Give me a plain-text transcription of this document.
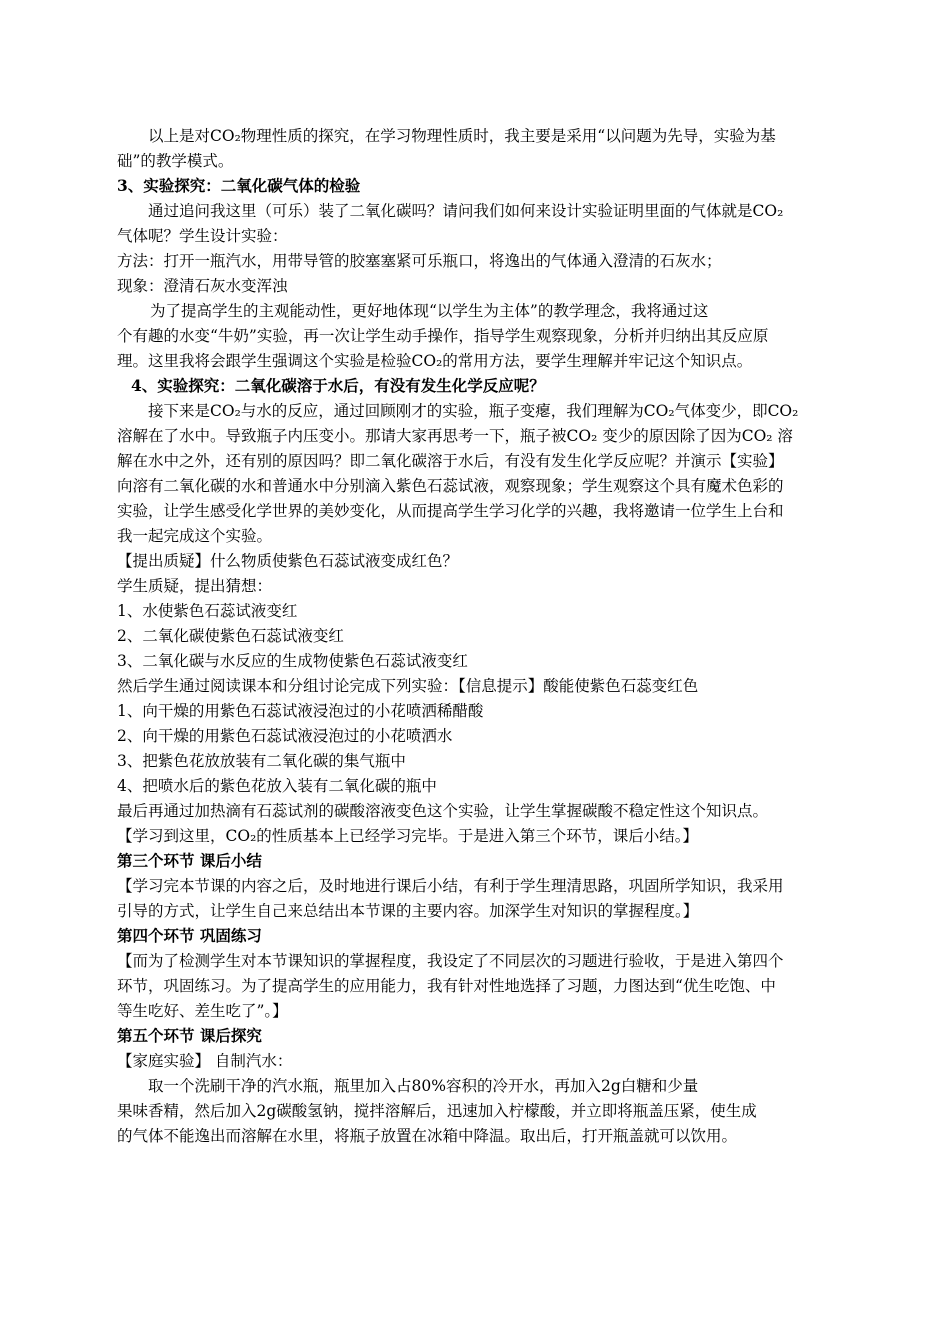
以上是对CO₂物理性质的探究，在学习物理性质时，我主要是采用“以问题为先导，实验为基
础”的教学模式。
3、实验探究：二氧化碳气体的检验
通过追问我这里（可乐）装了二氧化碳吗？请问我们如何来设计实验证明里面的气体就是CO₂
气体呢？学生设计实验：
方法：打开一瓶汽水，用带导管的胶塞塞紧可乐瓶口，将逸出的气体通入澄清的石灰水；
现象：澄清石灰水变浑浊
为了提高学生的主观能动性，更好地体现“以学生为主体”的教学理念，我将通过这
个有趣的水变“牛奶”实验，再一次让学生动手操作，指导学生观察现象，分析并归纳出其反应原
理。这里我将会跟学生强调这个实验是检验CO₂的常用方法，要学生理解并牢记这个知识点。
4、实验探究：二氧化碳溶于水后，有没有发生化学反应呢？
接下来是CO₂与水的反应，通过回顾刚才的实验，瓶子变瘪，我们理解为CO₂气体变少，即CO₂
溶解在了水中。导致瓶子内压变小。那请大家再思考一下，瓶子被CO₂ 变少的原因除了因为CO₂ 溶
解在水中之外，还有别的原因吗？即二氧化碳溶于水后，有没有发生化学反应呢？并演示【实验】
向溶有二氧化碳的水和普通水中分别滴入紫色石蕊试液，观察现象；学生观察这个具有魔术色彩的
实验，让学生感受化学世界的美妙变化，从而提高学生学习化学的兴趣，我将邀请一位学生上台和
我一起完成这个实验。
【提出质疑】什么物质使紫色石蕊试液变成红色？
学生质疑，提出猜想：
1、水使紫色石蕊试液变红
2、二氧化碳使紫色石蕊试液变红
3、二氧化碳与水反应的生成物使紫色石蕊试液变红
然后学生通过阅读课本和分组讨论完成下列实验：【信息提示】酸能使紫色石蕊变红色
1、向干燥的用紫色石蕊试液浸泡过的小花喷洒稀醋酸
2、向干燥的用紫色石蕊试液浸泡过的小花喷洒水
3、把紫色花放放装有二氧化碳的集气瓶中
4、把喷水后的紫色花放入装有二氧化碳的瓶中
最后再通过加热滴有石蕊试剂的碳酸溶液变色这个实验，让学生掌握碳酸不稳定性这个知识点。
【学习到这里，CO₂的性质基本上已经学习完毕。于是进入第三个环节，课后小结。】
第三个环节 课后小结
【学习完本节课的内容之后，及时地进行课后小结，有利于学生理清思路，巩固所学知识，我采用
引导的方式，让学生自己来总结出本节课的主要内容。加深学生对知识的掌握程度。】
第四个环节 巩固练习
【而为了检测学生对本节课知识的掌握程度，我设定了不同层次的习题进行验收，于是进入第四个
环节，巩固练习。为了提高学生的应用能力，我有针对性地选择了习题，力图达到“优生吃饱、中
等生吃好、差生吃了”。】
第五个环节 课后探究
【家庭实验】 自制汽水：
取一个洗刷干净的汽水瓶，瓶里加入占80%容积的冷开水，再加入2g白糖和少量
果味香精，然后加入2g碳酸氢钠，搅拌溶解后，迅速加入柠檬酸，并立即将瓶盖压紧，使生成
的气体不能逸出而溶解在水里，将瓶子放置在冰箱中降温。取出后，打开瓶盖就可以饮用。
